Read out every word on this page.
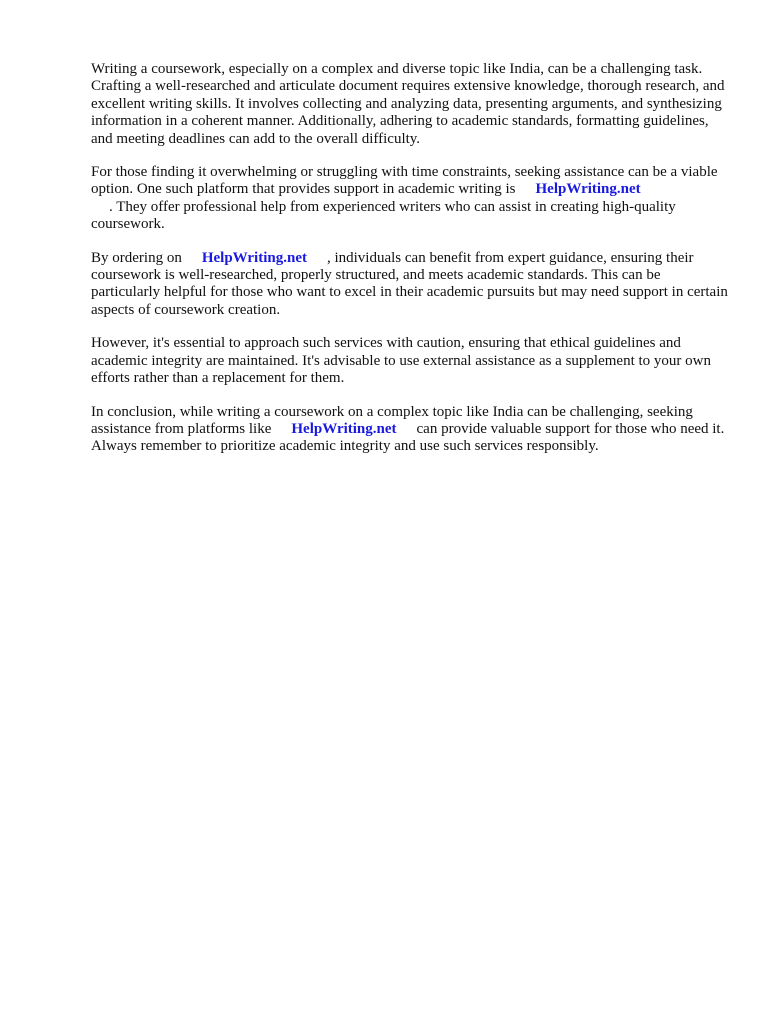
Writing a coursework, especially on a complex and diverse topic like India, can be a challenging task. Crafting a well-researched and articulate document requires extensive knowledge, thorough research, and excellent writing skills. It involves collecting and analyzing data, presenting arguments, and synthesizing information in a coherent manner. Additionally, adhering to academic standards, formatting guidelines, and meeting deadlines can add to the overall difficulty.

For those finding it overwhelming or struggling with time constraints, seeking assistance can be a viable option. One such platform that provides support in academic writing is HelpWriting.net
. They offer professional help from experienced writers who can assist in creating high-quality coursework.

By ordering on HelpWriting.net , individuals can benefit from expert guidance, ensuring their coursework is well-researched, properly structured, and meets academic standards. This can be particularly helpful for those who want to excel in their academic pursuits but may need support in certain aspects of coursework creation.

However, it's essential to approach such services with caution, ensuring that ethical guidelines and academic integrity are maintained. It's advisable to use external assistance as a supplement to your own efforts rather than a replacement for them.

In conclusion, while writing a coursework on a complex topic like India can be challenging, seeking assistance from platforms like HelpWriting.net can provide valuable support for those who need it. Always remember to prioritize academic integrity and use such services responsibly.
